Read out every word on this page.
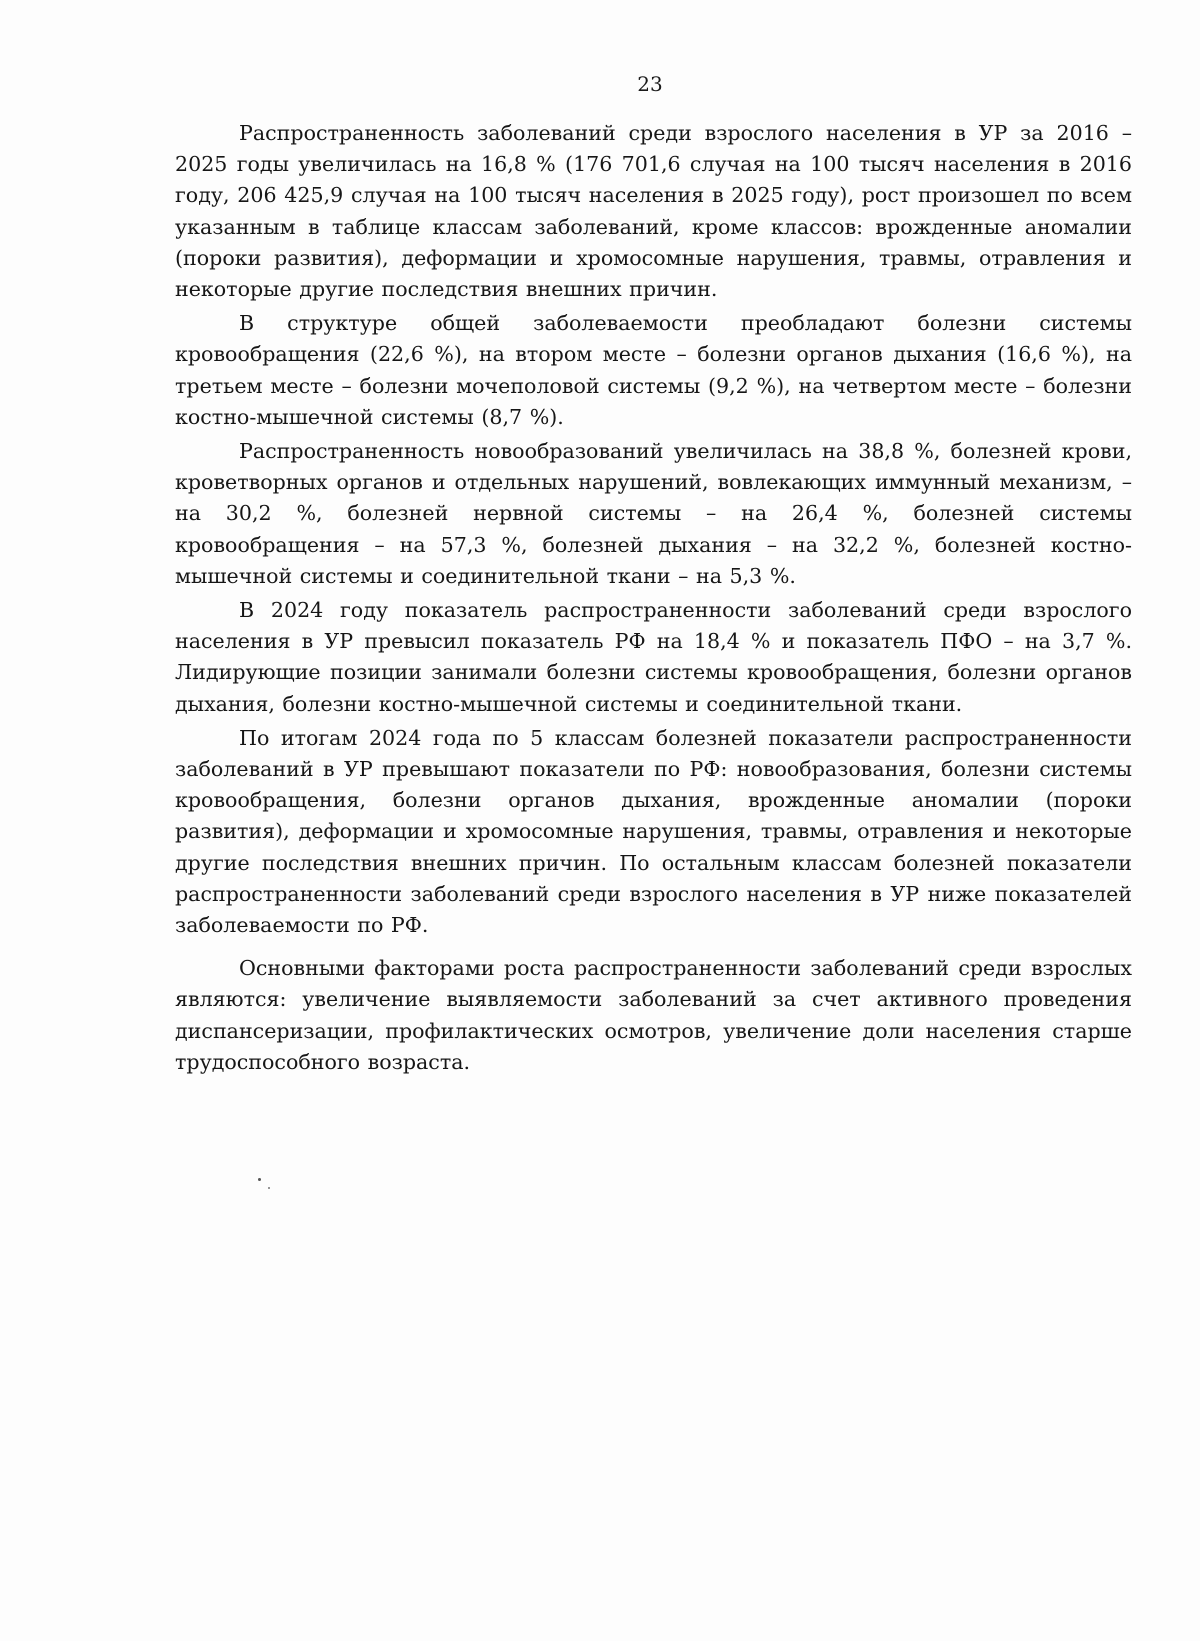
23

Распространенность заболеваний среди взрослого населения в УР за 2016 – 2025 годы увеличилась на 16,8 % (176 701,6 случая на 100 тысяч населения в 2016 году, 206 425,9 случая на 100 тысяч населения в 2025 году), рост произошел по всем указанным в таблице классам заболеваний, кроме классов: врожденные аномалии (пороки развития), деформации и хромосомные нарушения, травмы, отравления и некоторые другие последствия внешних причин.

В структуре общей заболеваемости преобладают болезни системы кровообращения (22,6 %), на втором месте – болезни органов дыхания (16,6 %), на третьем месте – болезни мочеполовой системы (9,2 %), на четвертом месте – болезни костно-мышечной системы (8,7 %).

Распространенность новообразований увеличилась на 38,8 %, болезней крови, кроветворных органов и отдельных нарушений, вовлекающих иммунный механизм, – на 30,2 %, болезней нервной системы – на 26,4 %, болезней системы кровообращения – на 57,3 %, болезней дыхания – на 32,2 %, болезней костно-мышечной системы и соединительной ткани – на 5,3 %.

В 2024 году показатель распространенности заболеваний среди взрослого населения в УР превысил показатель РФ на 18,4 % и показатель ПФО – на 3,7 %. Лидирующие позиции занимали болезни системы кровообращения, болезни органов дыхания, болезни костно-мышечной системы и соединительной ткани.

По итогам 2024 года по 5 классам болезней показатели распространенности заболеваний в УР превышают показатели по РФ: новообразования, болезни системы кровообращения, болезни органов дыхания, врожденные аномалии (пороки развития), деформации и хромосомные нарушения, травмы, отравления и некоторые другие последствия внешних причин. По остальным классам болезней показатели распространенности заболеваний среди взрослого населения в УР ниже показателей заболеваемости по РФ.

Основными факторами роста распространенности заболеваний среди взрослых являются: увеличение выявляемости заболеваний за счет активного проведения диспансеризации, профилактических осмотров, увеличение доли населения старше трудоспособного возраста.
